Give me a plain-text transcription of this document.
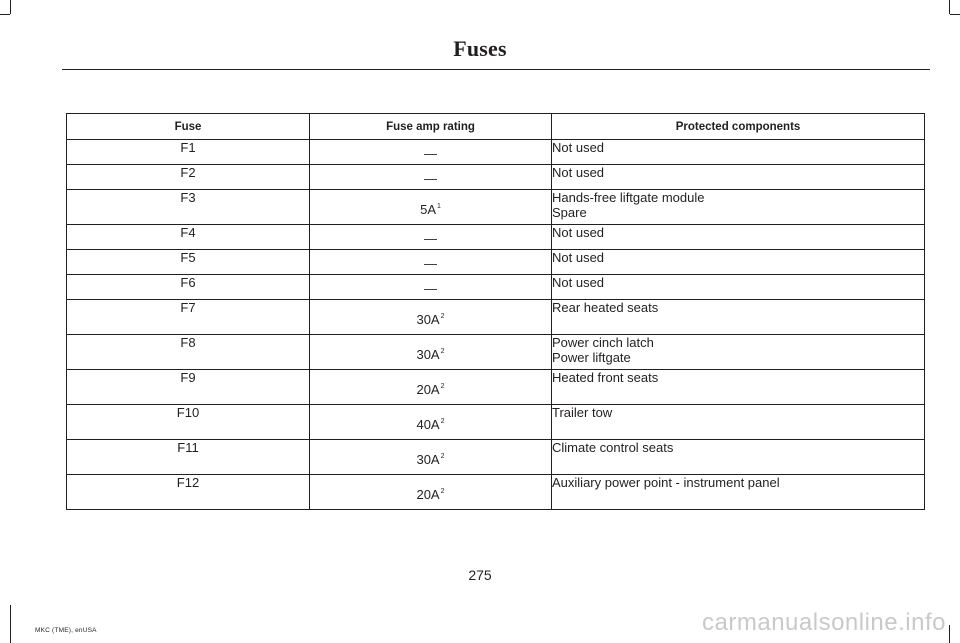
Fuses
Fuse	Fuse amp rating	Protected components
F1	—	Not used

F2	—	Not used

F3	5A$^1$	Hands-free liftgate module
Spare

F4	—	Not used

F5	—	Not used

F6	—	Not used

F7	30A$^2$	Rear heated seats

F8	30A$^2$	Power cinch latch
Power liftgate

F9	20A$^2$	Heated front seats

F10	40A$^2$	Trailer tow

F11	30A$^2$	Climate control seats

F12	20A$^2$	Auxiliary power point - instrument panel
275
MKC (TME), enUSA	carmanualsonline.info
